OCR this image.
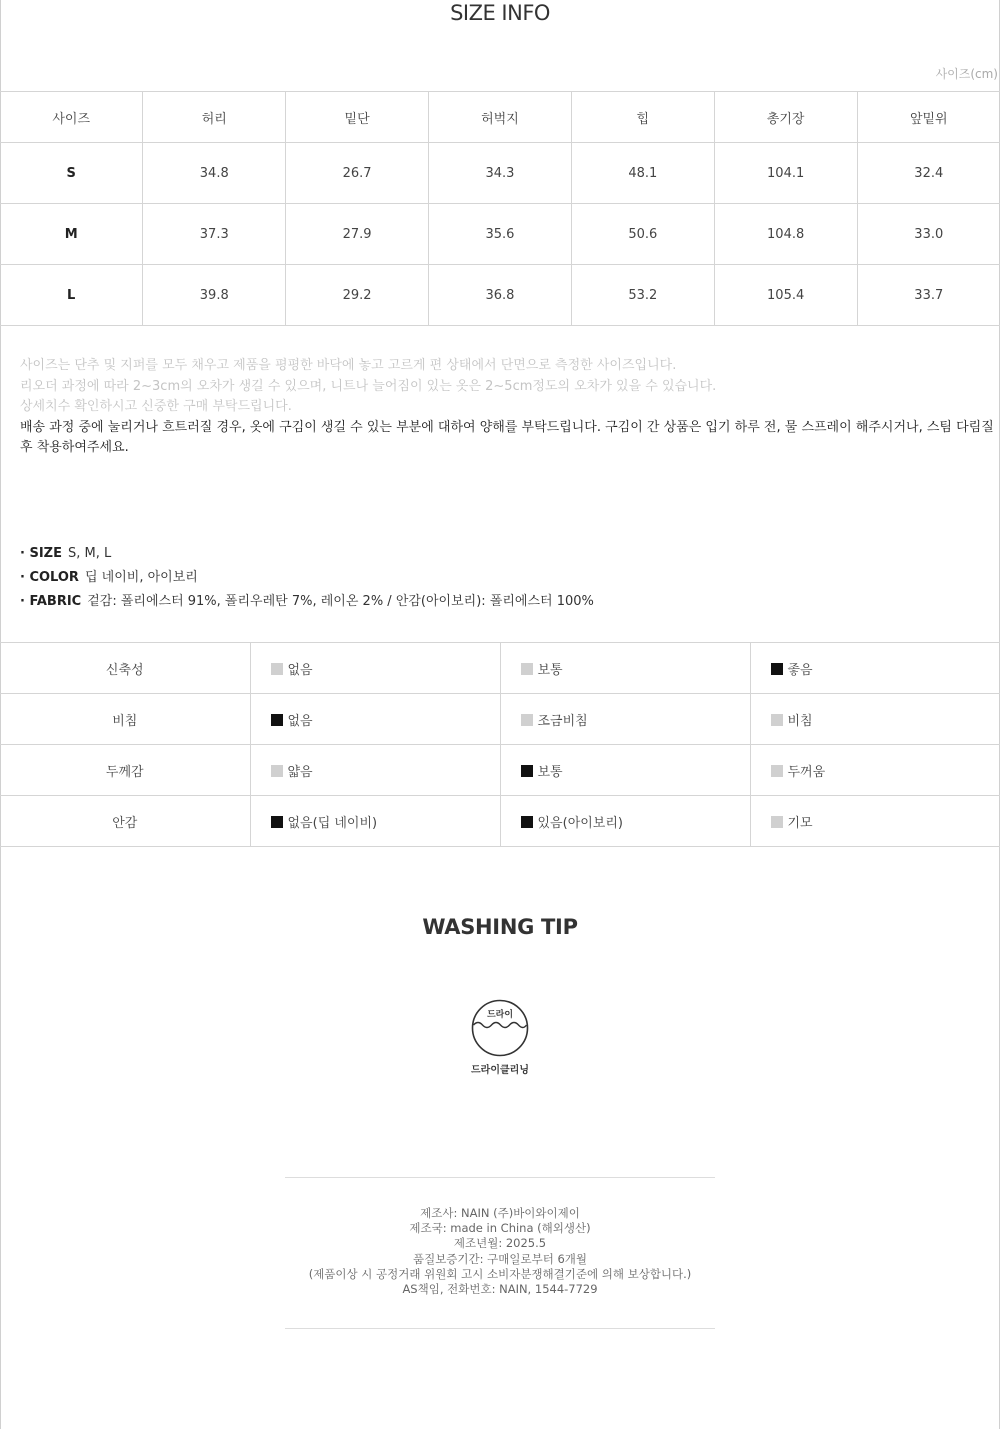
SIZE INFO
사이즈(cm)
사이즈	허리	밑단	허벅지	힙	총기장	앞밑위
S	34.8	26.7	34.3	48.1	104.1	32.4
M	37.3	27.9	35.6	50.6	104.8	33.0
L	39.8	29.2	36.8	53.2	105.4	33.7

사이즈는 단추 및 지퍼를 모두 채우고 제품을 평평한 바닥에 놓고 고르게 편 상태에서 단면으로 측정한 사이즈입니다.

리오더 과정에 따라 2~3cm의 오차가 생길 수 있으며, 니트나 늘어짐이 있는 옷은 2~5cm정도의 오차가 있을 수 있습니다.

상세치수 확인하시고 신중한 구매 부탁드립니다.

배송 과정 중에 눌리거나 흐트러질 경우, 옷에 구김이 생길 수 있는 부분에 대하여 양해를 부탁드립니다. 구김이 간 상품은 입기 하루 전, 물 스프레이 해주시거나, 스팀 다림질 후 착용하여주세요.

· SIZE S, M, L
· COLOR 딥 네이비, 아이보리
· FABRIC 겉감: 폴리에스터 91%, 폴리우레탄 7%, 레이온 2% / 안감(아이보리): 폴리에스터 100%
신축성	없음	보통	좋음
비침	없음	조금비침	비침
두께감	얇음	보통	두꺼움
안감	없음(딥 네이비)	있음(아이보리)	기모
WASHING TIP
드라이
드라이클리닝
제조사: NAIN (주)바이와이제이
제조국: made in China (해외생산)
제조년월: 2025.5
품질보증기간: 구매일로부터 6개월
(제품이상 시 공정거래 위원회 고시 소비자분쟁해결기준에 의해 보상합니다.)
AS책임, 전화번호: NAIN, 1544-7729
